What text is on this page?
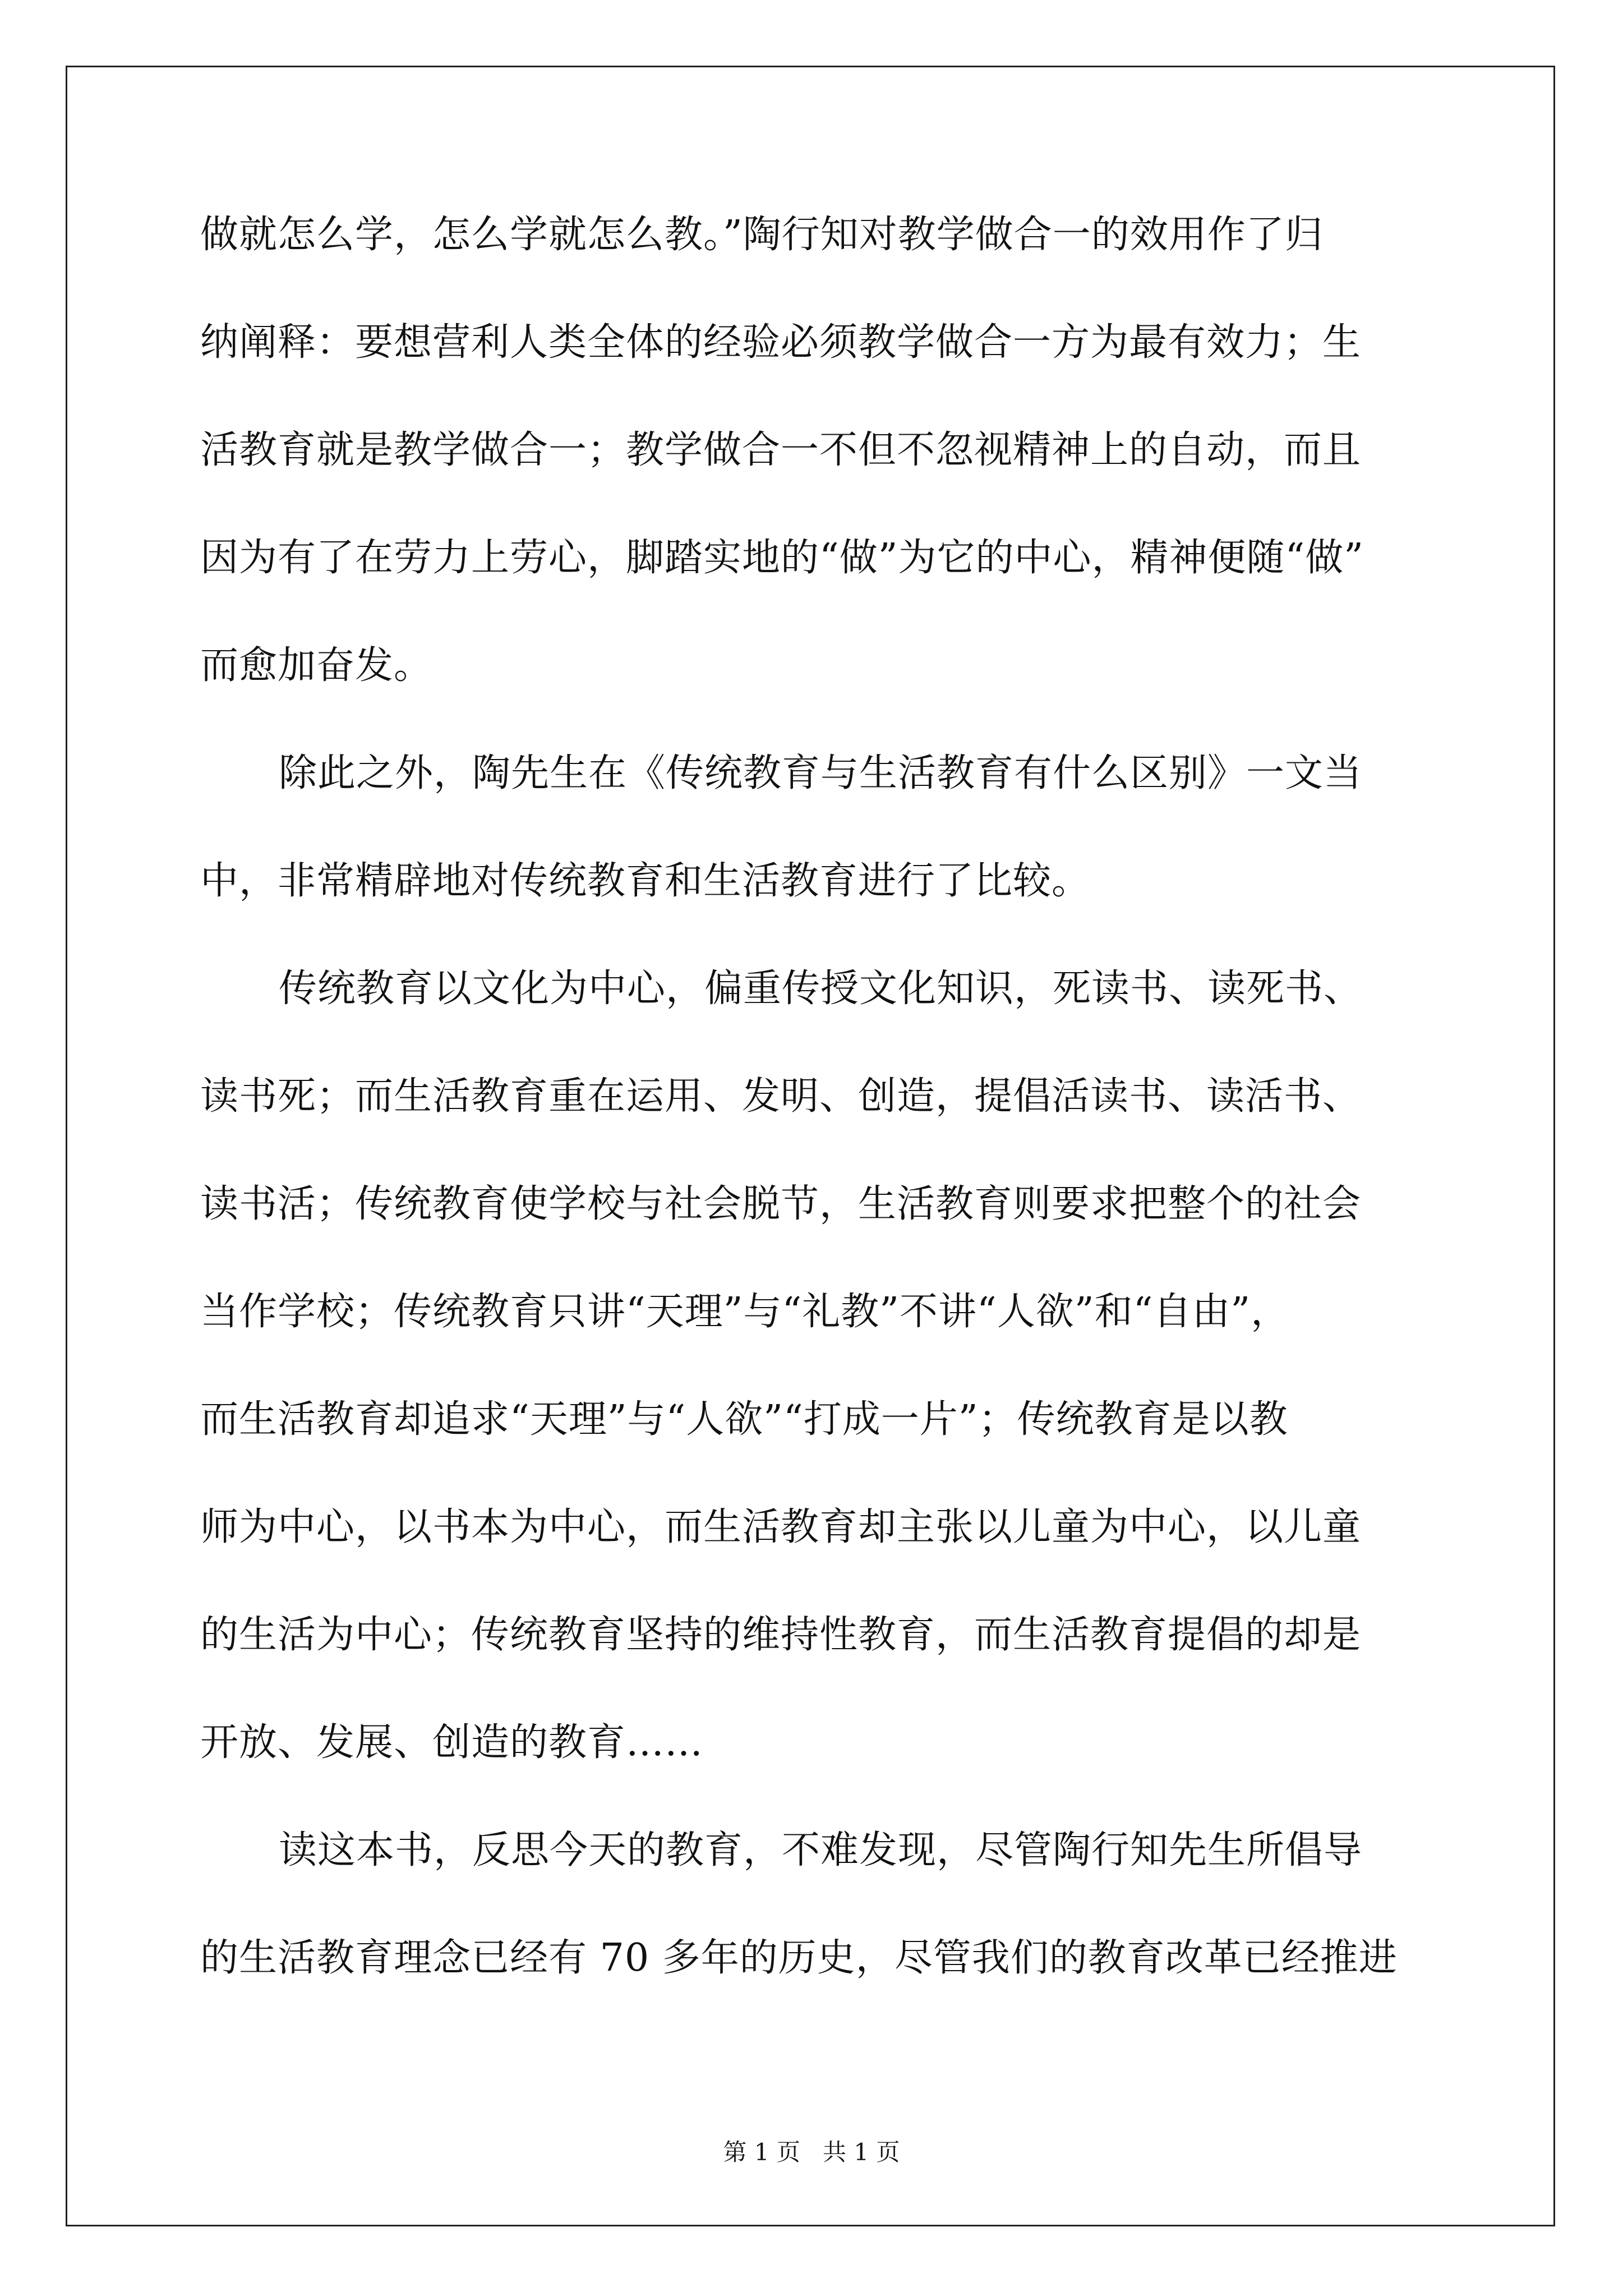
做就怎么学，怎么学就怎么教。”陶行知对教学做合一的效用作了归
纳阐释：要想营利人类全体的经验必须教学做合一方为最有效力；生
活教育就是教学做合一；教学做合一不但不忽视精神上的自动，而且
因为有了在劳力上劳心，脚踏实地的“做”为它的中心，精神便随“做”
而愈加奋发。
除此之外，陶先生在《传统教育与生活教育有什么区别》一文当
中，非常精辟地对传统教育和生活教育进行了比较。
传统教育以文化为中心，偏重传授文化知识，死读书、读死书、
读书死；而生活教育重在运用、发明、创造，提倡活读书、读活书、
读书活；传统教育使学校与社会脱节，生活教育则要求把整个的社会
当作学校；传统教育只讲“天理”与“礼教”不讲“人欲”和“自由”，
而生活教育却追求“天理”与“人欲”“打成一片”；传统教育是以教
师为中心，以书本为中心，而生活教育却主张以儿童为中心，以儿童
的生活为中心；传统教育坚持的维持性教育，而生活教育提倡的却是
开放、发展、创造的教育……
读这本书，反思今天的教育，不难发现，尽管陶行知先生所倡导
的生活教育理念已经有 70 多年的历史，尽管我们的教育改革已经推进
第 1 页   共 1 页
